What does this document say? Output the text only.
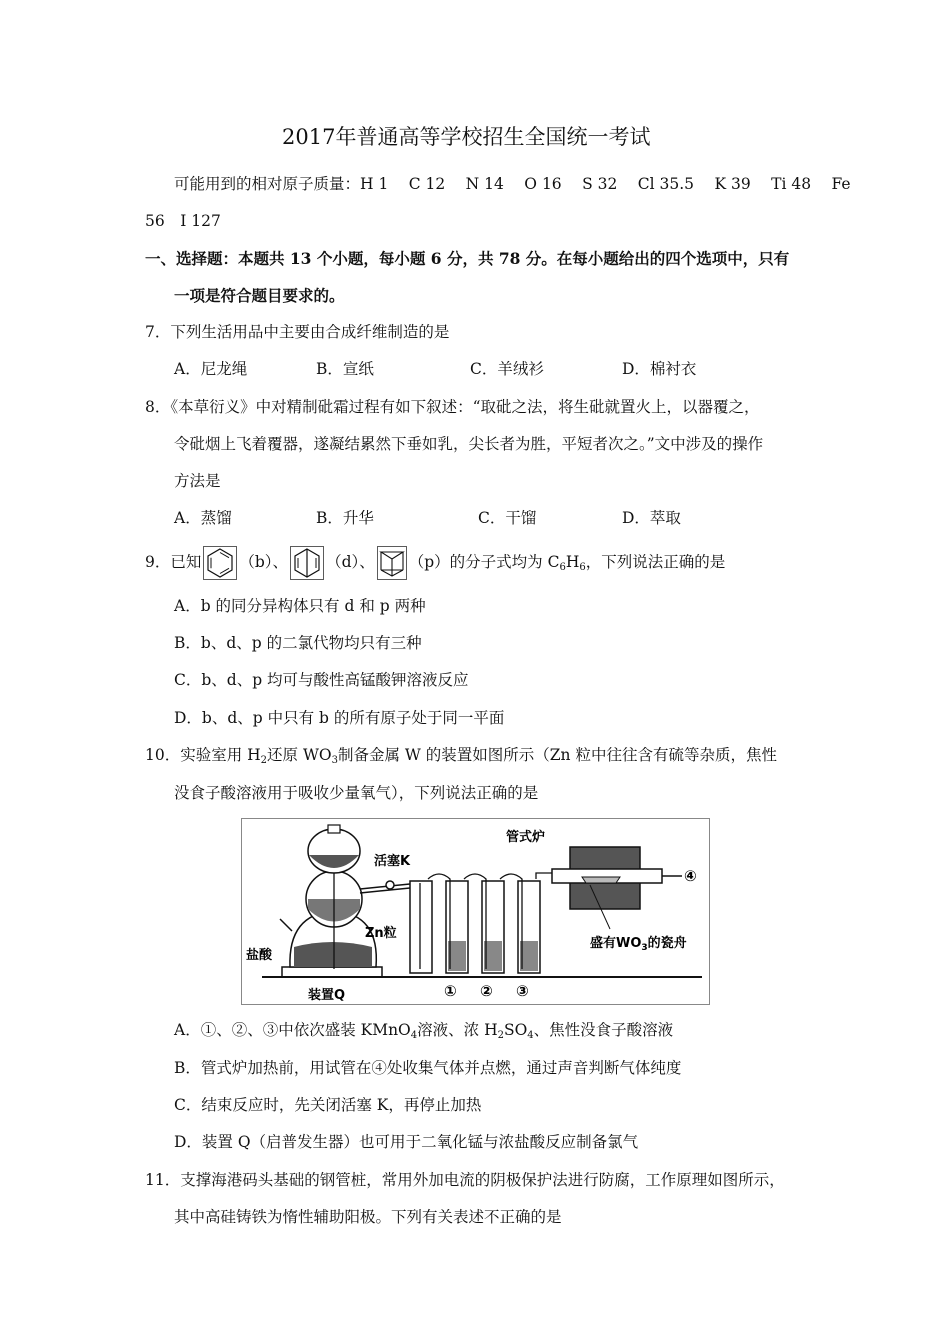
2017年普通高等学校招生全国统一考试
可能用到的相对原子质量：H 1　 C 12　 N 14　 O 16　 S 32　 Cl 35.5　 K 39　 Ti 48　 Fe
56　I 127
一、选择题：本题共 13 个小题，每小题 6 分，共 78 分。在每小题给出的四个选项中，只有
一项是符合题目要求的。
7．下列生活用品中主要由合成纤维制造的是
A．尼龙绳	B．宣纸	C．羊绒衫	D．棉衬衣
8．《本草衍义》中对精制砒霜过程有如下叙述：“取砒之法，将生砒就置火上，以器覆之，
令砒烟上飞着覆器，遂凝结累然下垂如乳，尖长者为胜，平短者次之。”文中涉及的操作
方法是
A．蒸馏	B．升华	C．干馏	D．萃取
9．已知 （b）、 （d）、 （p）的分子式均为 $C_6H_6$，下列说法正确的是
A．b 的同分异构体只有 d 和 p 两种
B．b、d、p 的二氯代物均只有三种
C．b、d、p 均可与酸性高锰酸钾溶液反应
D．b、d、p 中只有 b 的所有原子处于同一平面
10．实验室用 $H_2$还原 $WO_3$制备金属 W 的装置如图所示（Zn 粒中往往含有硫等杂质，焦性
没食子酸溶液用于吸收少量氧气），下列说法正确的是
活塞K
管式炉
Zn粒
盐酸
装置Q
盛有$WO_3$的瓷舟
① ② ③
④
A．①、②、③中依次盛装 KMnO$_4$溶液、浓 $H_2SO_4$、焦性没食子酸溶液
B．管式炉加热前，用试管在④处收集气体并点燃，通过声音判断气体纯度
C．结束反应时，先关闭活塞 K，再停止加热
D．装置 Q（启普发生器）也可用于二氧化锰与浓盐酸反应制备氯气
11．支撑海港码头基础的钢管桩，常用外加电流的阴极保护法进行防腐，工作原理如图所示，
其中高硅铸铁为惰性辅助阳极。下列有关表述不正确的是
